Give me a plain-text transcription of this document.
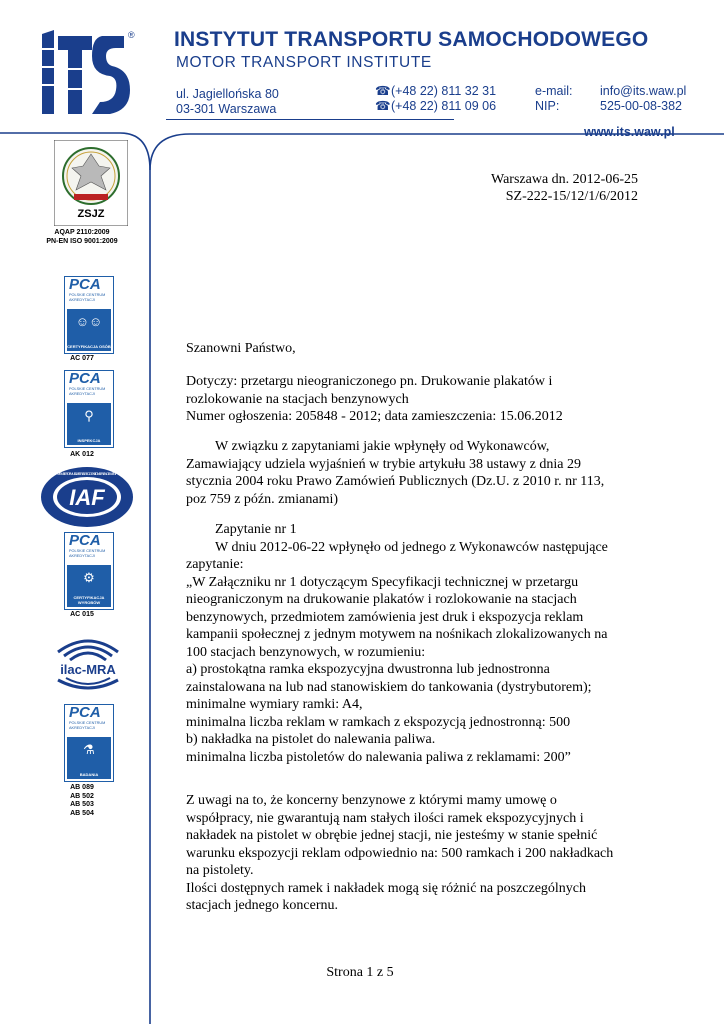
® INSTYTUT TRANSPORTU SAMOCHODOWEGO
MOTOR TRANSPORT INSTITUTE
ul. Jagiellońska 80
03-301 Warszawa
☎(+48 22) 811 32 31
☎(+48 22) 811 09 06
e-mail:
NIP:
info@its.waw.pl
525-00-08-382
www.its.waw.pl
ZSJZ
AQAP 2110:2009
PN-EN ISO 9001:2009
PCA
POLSKIE CENTRUM AKREDYTACJI
☺☺
CERTYFIKACJA OSÓB
AC 077
PCA
POLSKIE CENTRUM AKREDYTACJI
⚲
INSPEKCJA
AK 012
IAF
MEMBER OF MULTILATERAL RECOGNITION ARRANGEMENT
PCA
POLSKIE CENTRUM AKREDYTACJI
⚙
CERTYFIKACJA WYROBÓW
AC 015
ilac-MRA
PCA
POLSKIE CENTRUM AKREDYTACJI
⚗
BADANIA
AB 089
AB 502
AB 503
AB 504
Warszawa dn. 2012-06-25
SZ-222-15/12/1/6/2012
Szanowni Państwo,
Dotyczy: przetargu nieograniczonego pn. Drukowanie plakatów i
rozlokowanie na stacjach benzynowych
Numer ogłoszenia: 205848 - 2012; data zamieszczenia: 15.06.2012
W związku z zapytaniami jakie wpłynęły od Wykonawców,
Zamawiający udziela wyjaśnień w trybie artykułu 38 ustawy z dnia 29
stycznia 2004 roku Prawo Zamówień Publicznych (Dz.U. z 2010 r. nr 113,
poz 759 z późn. zmianami)
Zapytanie nr 1
W dniu 2012-06-22 wpłynęło od jednego z Wykonawców następujące
zapytanie:
„W Załączniku nr 1 dotyczącym Specyfikacji technicznej w przetargu
nieograniczonym na drukowanie plakatów i rozlokowanie na stacjach
benzynowych, przedmiotem zamówienia jest druk i ekspozycja reklam
kampanii społecznej z jednym motywem na nośnikach zlokalizowanych na
100 stacjach benzynowych, w rozumieniu:
a) prostokątna ramka ekspozycyjna dwustronna lub jednostronna
zainstalowana na lub nad stanowiskiem do tankowania (dystrybutorem);
minimalne wymiary ramki: A4,
minimalna liczba reklam w ramkach z ekspozycją jednostronną: 500
b) nakładka na pistolet do nalewania paliwa.
minimalna liczba pistoletów do nalewania paliwa z reklamami: 200”
Z uwagi na to, że koncerny benzynowe z którymi mamy umowę o
współpracy, nie gwarantują nam stałych ilości ramek ekspozycyjnych i
nakładek na pistolet w obrębie jednej stacji, nie jesteśmy w stanie spełnić
warunku ekspozycji reklam odpowiednio na: 500 ramkach i 200 nakładkach
na pistolety.
Ilości dostępnych ramek i nakładek mogą się różnić na poszczególnych
stacjach jednego koncernu.
Strona 1 z 5
